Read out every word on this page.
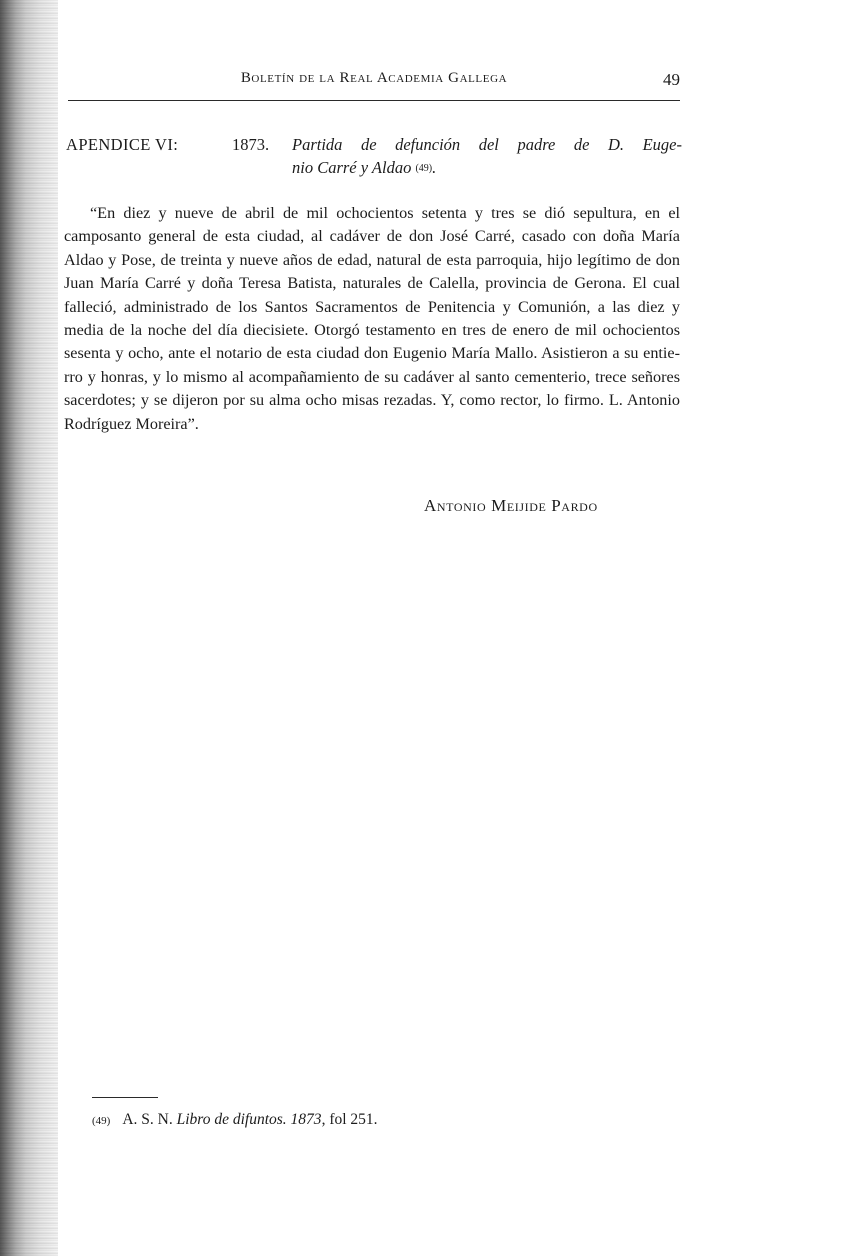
Boletín de la Real Academia Gallega	49
APENDICE VI:	1873. Partida de defunción del padre de D. Euge-
nio Carré y Aldao (49).
“En diez y nueve de abril de mil ochocientos setenta y tres se dió sepultura, en el camposanto general de esta ciudad, al cadáver de don José Carré, casado con doña María Aldao y Pose, de treinta y nueve años de edad, natural de esta parroquia, hijo legítimo de don Juan María Carré y doña Teresa Batista, naturales de Calella, provincia de Gerona. El cual falleció, administrado de los Santos Sacramentos de Penitencia y Comunión, a las diez y media de la noche del día diecisiete. Otorgó testamento en tres de enero de mil ochocientos sesenta y ocho, ante el notario de esta ciudad don Eugenio María Mallo. Asistieron a su entie-rro y honras, y lo mismo al acompañamiento de su cadáver al santo cementerio, trece señores sacerdotes; y se dijeron por su alma ocho misas rezadas. Y, como rector, lo firmo. L. Antonio Rodríguez Moreira”.
Antonio Meijide Pardo
(49) A. S. N. Libro de difuntos. 1873, fol 251.
